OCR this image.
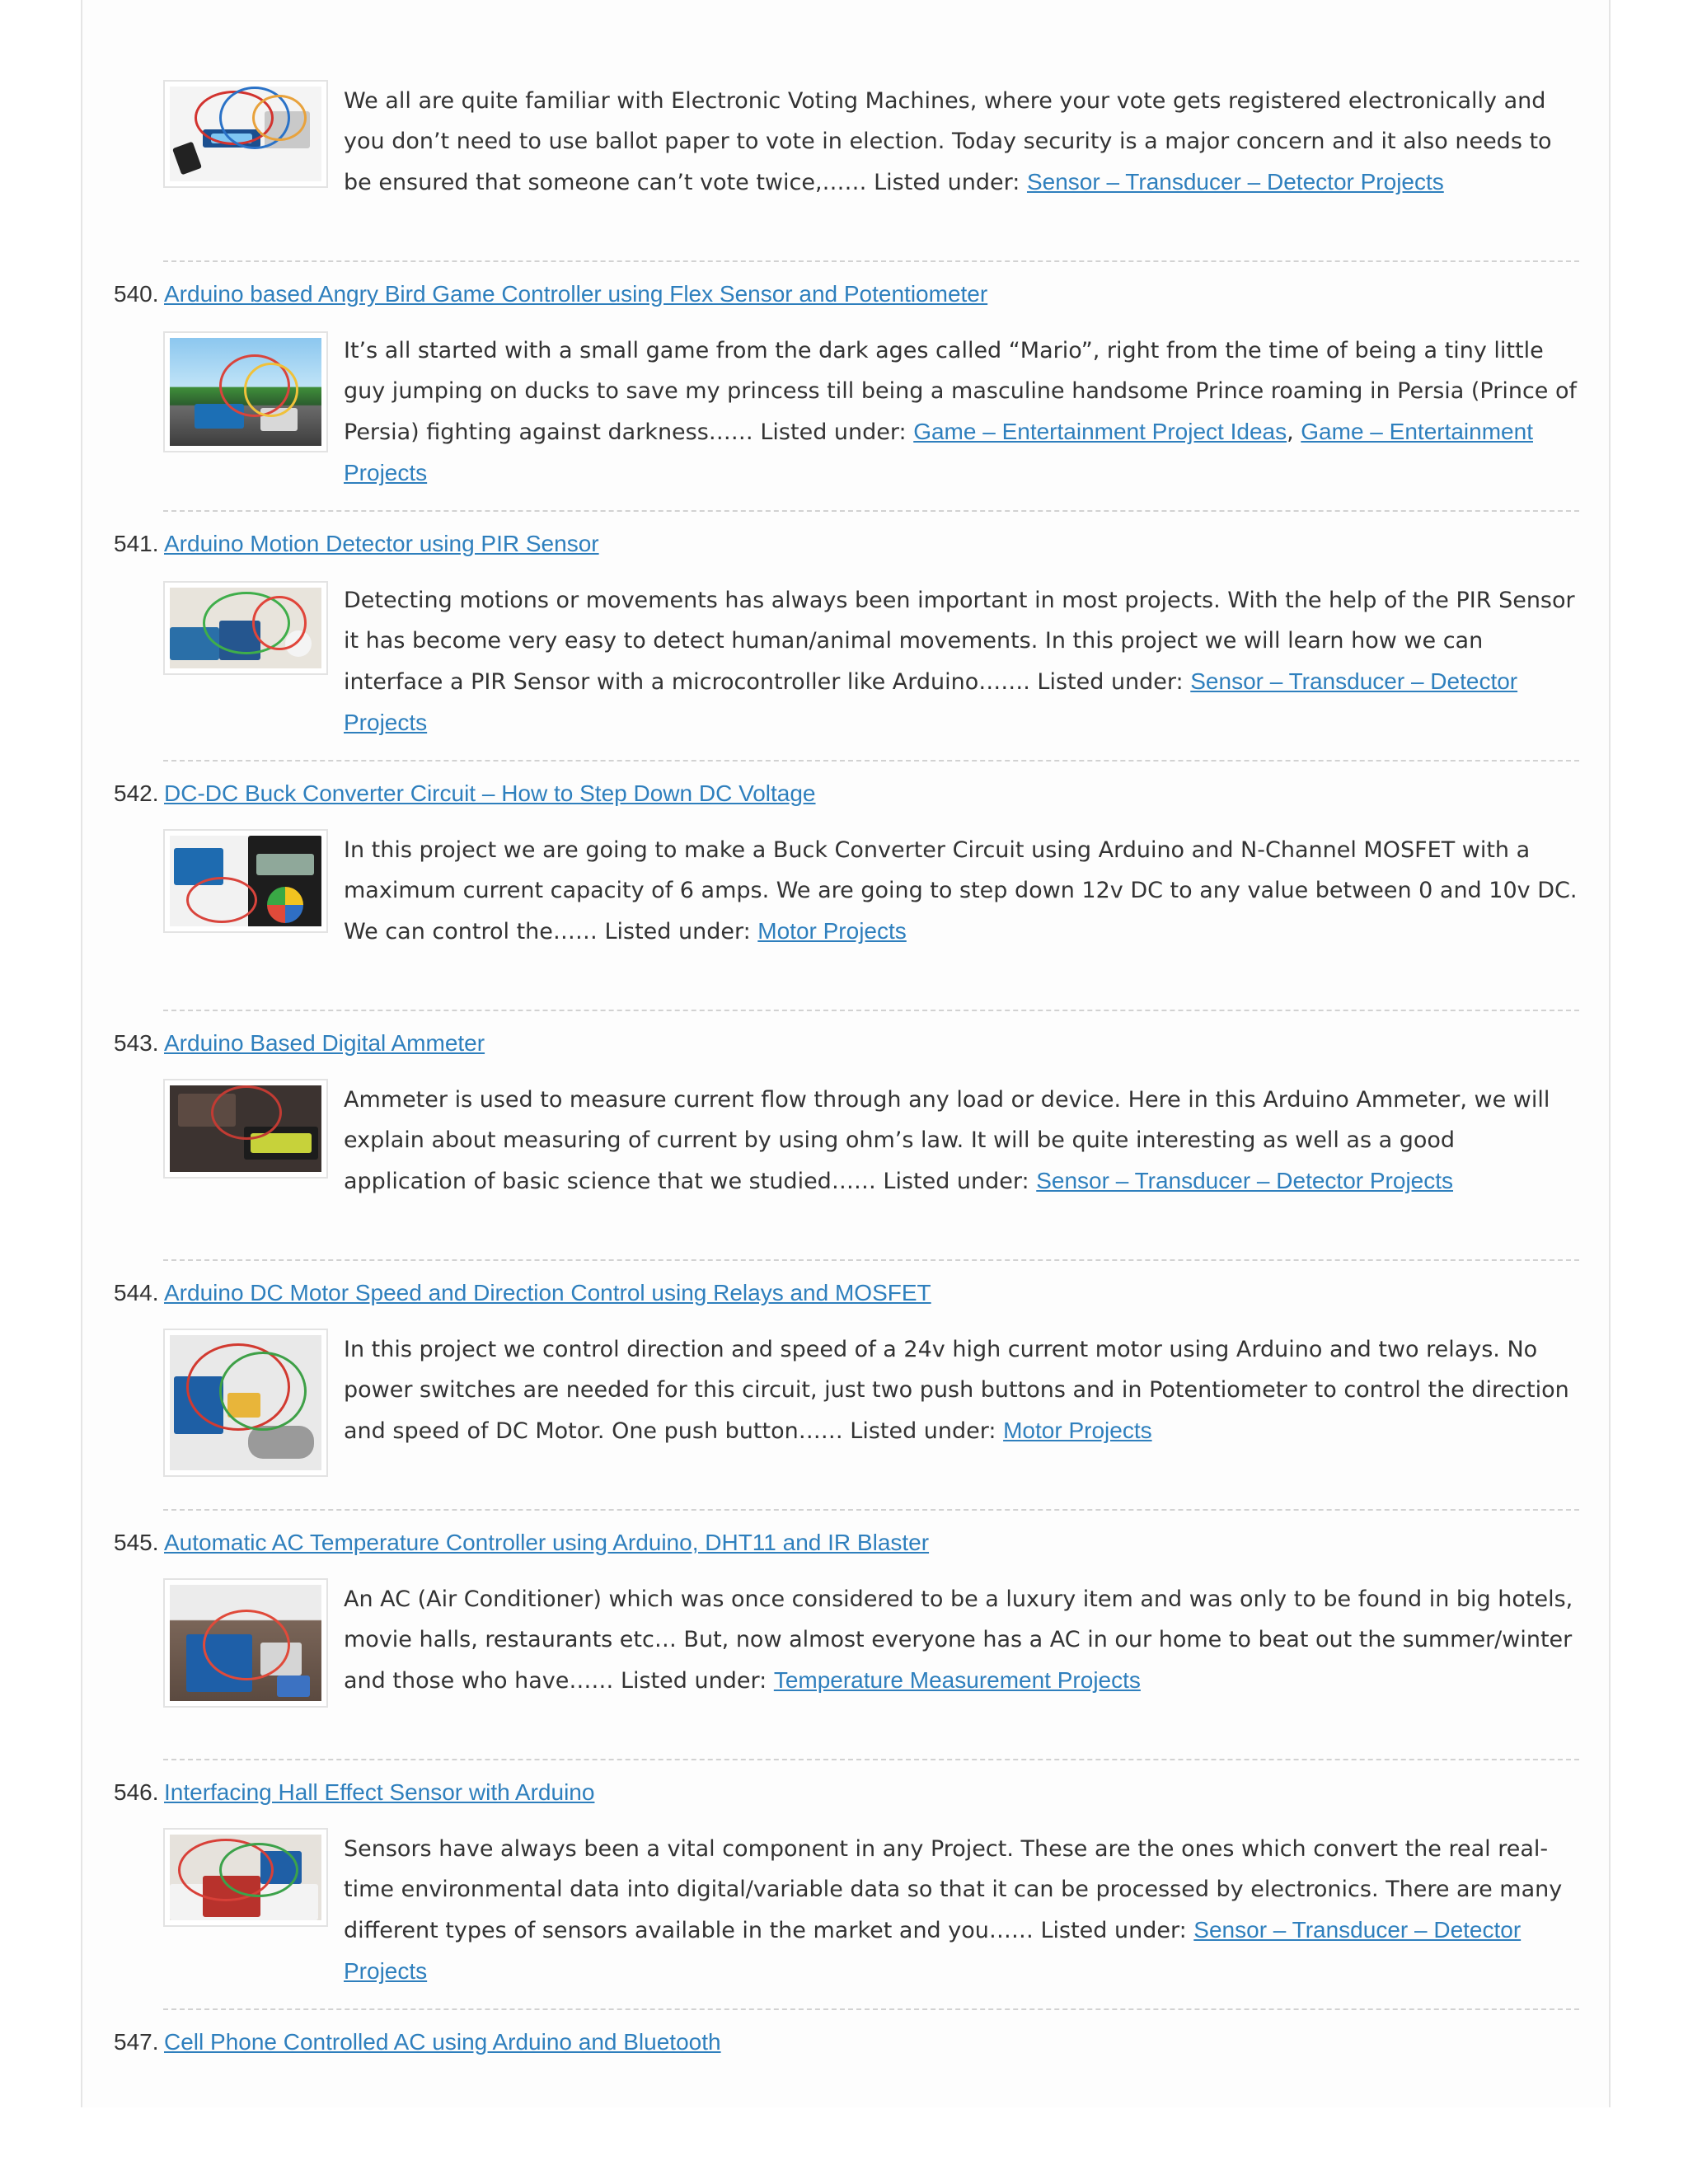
We all are quite familiar with Electronic Voting Machines, where your vote gets registered electronically and you don’t need to use ballot paper to vote in election. Today security is a major concern and it also needs to be ensured that someone can’t vote twice,…… Listed under: Sensor – Transducer – Detector Projects
540. Arduino based Angry Bird Game Controller using Flex Sensor and Potentiometer
It’s all started with a small game from the dark ages called “Mario”, right from the time of being a tiny little guy jumping on ducks to save my princess till being a masculine handsome Prince roaming in Persia (Prince of Persia) fighting against darkness…… Listed under: Game – Entertainment Project Ideas, Game – Entertainment Projects
541. Arduino Motion Detector using PIR Sensor
Detecting motions or movements has always been important in most projects. With the help of the PIR Sensor it has become very easy to detect human/animal movements. In this project we will learn how we can interface a PIR Sensor with a microcontroller like Arduino……. Listed under: Sensor – Transducer – Detector Projects
542. DC-DC Buck Converter Circuit – How to Step Down DC Voltage
In this project we are going to make a Buck Converter Circuit using Arduino and N-Channel MOSFET with a maximum current capacity of 6 amps. We are going to step down 12v DC to any value between 0 and 10v DC. We can control the…… Listed under: Motor Projects
543. Arduino Based Digital Ammeter
Ammeter is used to measure current flow through any load or device. Here in this Arduino Ammeter, we will explain about measuring of current by using ohm’s law. It will be quite interesting as well as a good application of basic science that we studied…… Listed under: Sensor – Transducer – Detector Projects
544. Arduino DC Motor Speed and Direction Control using Relays and MOSFET
In this project we control direction and speed of a 24v high current motor using Arduino and two relays. No power switches are needed for this circuit, just two push buttons and in Potentiometer to control the direction and speed of DC Motor. One push button…… Listed under: Motor Projects
545. Automatic AC Temperature Controller using Arduino, DHT11 and IR Blaster
An AC (Air Conditioner) which was once considered to be a luxury item and was only to be found in big hotels, movie halls, restaurants etc… But, now almost everyone has a AC in our home to beat out the summer/winter and those who have…… Listed under: Temperature Measurement Projects
546. Interfacing Hall Effect Sensor with Arduino
Sensors have always been a vital component in any Project. These are the ones which convert the real real-time environmental data into digital/variable data so that it can be processed by electronics. There are many different types of sensors available in the market and you…… Listed under: Sensor – Transducer – Detector Projects
547. Cell Phone Controlled AC using Arduino and Bluetooth
